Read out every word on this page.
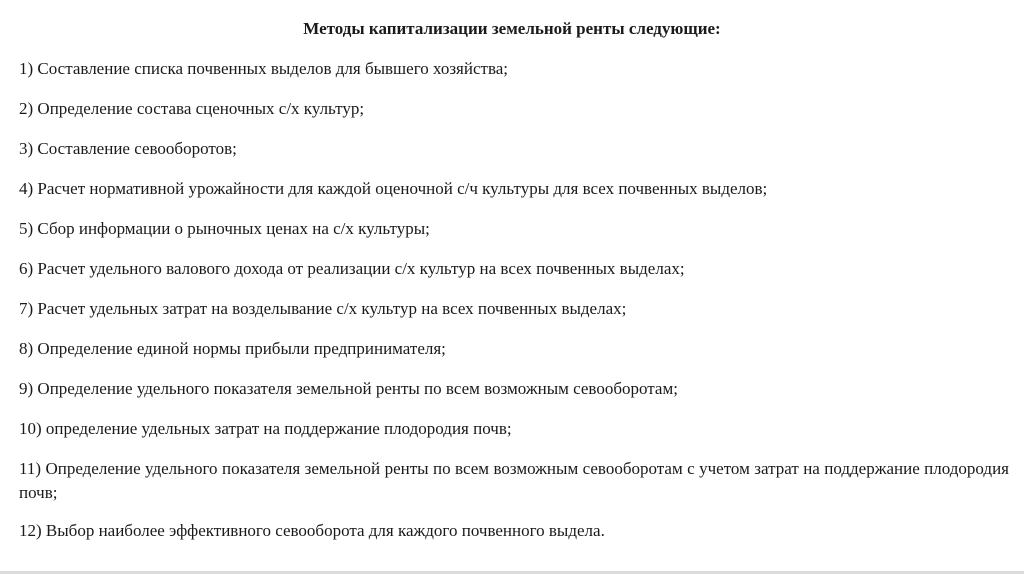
Методы капитализации земельной ренты следующие:
1) Составление списка почвенных выделов для бывшего хозяйства;
2) Определение состава сценочных с/х культур;
3) Составление севооборотов;
4) Расчет нормативной урожайности для каждой оценочной с/ч культуры для всех почвенных выделов;
5) Сбор информации о рыночных ценах на с/х культуры;
6) Расчет удельного валового дохода от реализации с/х культур на всех почвенных выделах;
7) Расчет удельных затрат на возделывание с/х культур на всех почвенных выделах;
8) Определение единой нормы прибыли предпринимателя;
9) Определение удельного показателя земельной ренты по всем возможным севооборотам;
10) определение удельных затрат на поддержание плодородия почв;
11) Определение удельного показателя земельной ренты по всем возможным севооборотам с учетом затрат на поддержание плодородия почв;
12) Выбор наиболее эффективного севооборота для каждого почвенного выдела.
